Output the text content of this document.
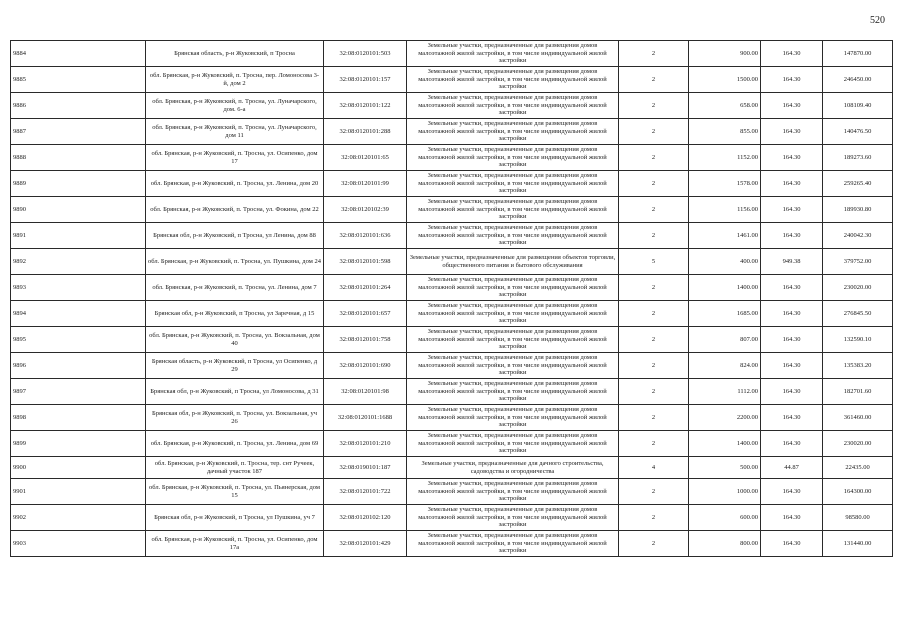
520
9884	Брянская область, р-н Жуковский, п Тросна	32:08:0120101:503	Земельные участки, предназначенные для размещения домов малоэтажной жилой застройки, в том числе индивидуальной жилой застройки	2	900.00	164.30	147870.00
9885	обл. Брянская, р-н Жуковский, п. Тросна, пер. Ломоносова 3-й, дом 2	32:08:0120101:157	Земельные участки, предназначенные для размещения домов малоэтажной жилой застройки, в том числе индивидуальной жилой застройки	2	1500.00	164.30	246450.00
9886	обл. Брянская, р-н Жуковский, п. Тросна, ул. Луначарского, дом. 6-а	32:08:0120101:122	Земельные участки, предназначенные для размещения домов малоэтажной жилой застройки, в том числе индивидуальной жилой застройки	2	658.00	164.30	108109.40
9887	обл. Брянская, р-н Жуковский, п. Тросна, ул. Луначарского, дом 11	32:08:0120101:288	Земельные участки, предназначенные для размещения домов малоэтажной жилой застройки, в том числе индивидуальной жилой застройки	2	855.00	164.30	140476.50
9888	обл. Брянская, р-н Жуковский, п. Тросна, ул. Осипенко, дом 17	32:08:0120101:65	Земельные участки, предназначенные для размещения домов малоэтажной жилой застройки, в том числе индивидуальной жилой застройки	2	1152.00	164.30	189273.60
9889	обл. Брянская, р-н Жуковский, п. Тросна, ул. Ленина, дом 20	32:08:0120101:99	Земельные участки, предназначенные для размещения домов малоэтажной жилой застройки, в том числе индивидуальной жилой застройки	2	1578.00	164.30	259265.40
9890	обл. Брянская, р-н Жуковский, п. Тросна, ул. Фокина, дом 22	32:08:0120102:39	Земельные участки, предназначенные для размещения домов малоэтажной жилой застройки, в том числе индивидуальной жилой застройки	2	1156.00	164.30	189930.80
9891	Брянская обл, р-н Жуковский, п Тросна, ул Ленина, дом 88	32:08:0120101:636	Земельные участки, предназначенные для размещения домов малоэтажной жилой застройки, в том числе индивидуальной жилой застройки	2	1461.00	164.30	240042.30
9892	обл. Брянская, р-н Жуковский, п. Тросна, ул. Пушкина, дом 24	32:08:0120101:598	Земельные участки, предназначенные для размещения объектов торговли, общественного питания и бытового обслуживания	5	400.00	949.38	379752.00
9893	обл. Брянская, р-н Жуковский, п. Тросна, ул. Ленина, дом 7	32:08:0120101:264	Земельные участки, предназначенные для размещения домов малоэтажной жилой застройки, в том числе индивидуальной жилой застройки	2	1400.00	164.30	230020.00
9894	Брянская обл, р-н Жуковский, п Тросна, ул Заречная, д 15	32:08:0120101:657	Земельные участки, предназначенные для размещения домов малоэтажной жилой застройки, в том числе индивидуальной жилой застройки	2	1685.00	164.30	276845.50
9895	обл. Брянская, р-н Жуковский, п. Тросна, ул. Вокзальная, дом 40	32:08:0120101:758	Земельные участки, предназначенные для размещения домов малоэтажной жилой застройки, в том числе индивидуальной жилой застройки	2	807.00	164.30	132590.10
9896	Брянская область, р-н Жуковский, п Тросна, ул Осипенко, д 29	32:08:0120101:690	Земельные участки, предназначенные для размещения домов малоэтажной жилой застройки, в том числе индивидуальной жилой застройки	2	824.00	164.30	135383.20
9897	Брянская обл, р-н Жуковский, п Тросна, ул Ломоносова, д 31	32:08:0120101:98	Земельные участки, предназначенные для размещения домов малоэтажной жилой застройки, в том числе индивидуальной жилой застройки	2	1112.00	164.30	182701.60
9898	Брянская обл, р-н Жуковский, п. Тросна, ул. Вокзальная, уч 26	32:08:0120101:1688	Земельные участки, предназначенные для размещения домов малоэтажной жилой застройки, в том числе индивидуальной жилой застройки	2	2200.00	164.30	361460.00
9899	обл. Брянская, р-н Жуковский, п. Тросна, ул. Ленина, дом 69	32:08:0120101:210	Земельные участки, предназначенные для размещения домов малоэтажной жилой застройки, в том числе индивидуальной жилой застройки	2	1400.00	164.30	230020.00
9900	обл. Брянская, р-н Жуковский, п. Тросна, тер. снт Ручеек, дачный участок 187	32:08:0190101:187	Земельные участки, предназначенные для дачного строительства, садоводства и огородничества	4	500.00	44.87	22435.00
9901	обл. Брянская, р-н Жуковский, п. Тросна, ул. Пьянерская, дом 15	32:08:0120101:722	Земельные участки, предназначенные для размещения домов малоэтажной жилой застройки, в том числе индивидуальной жилой застройки	2	1000.00	164.30	164300.00
9902	Брянская обл, р-н Жуковский, п Тросна, ул Пушкина, уч 7	32:08:0120102:120	Земельные участки, предназначенные для размещения домов малоэтажной жилой застройки, в том числе индивидуальной жилой застройки	2	600.00	164.30	98580.00
9903	обл. Брянская, р-н Жуковский, п. Тросна, ул. Осипенко, дом 17а	32:08:0120101:429	Земельные участки, предназначенные для размещения домов малоэтажной жилой застройки, в том числе индивидуальной жилой застройки	2	800.00	164.30	131440.00
